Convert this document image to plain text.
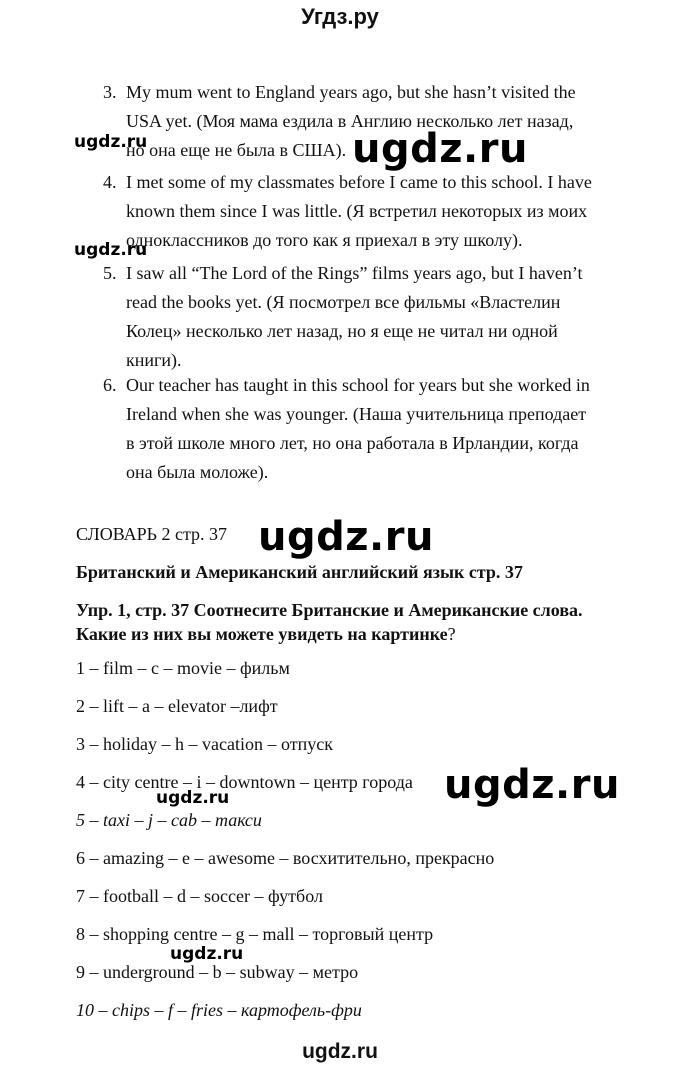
Угдз.ру
3. My mum went to England years ago, but she hasn’t visited the
USA yet. (Моя мама ездила в Англию несколько лет назад,
но она еще не была в США).
ugdz.ru	ugdz.ru
4. I met some of my classmates before I came to this school. I have
known them since I was little. (Я встретил некоторых из моих
одноклассников до того как я приехал в эту школу).
ugdz.ru
5. I saw all “The Lord of the Rings” films years ago, but I haven’t
read the books yet. (Я посмотрел все фильмы «Властелин
Колец» несколько лет назад, но я еще не читал ни одной
книги).
6. Our teacher has taught in this school for years but she worked in
Ireland when she was younger. (Наша учительница преподает
в этой школе много лет, но она работала в Ирландии, когда
она была моложе).
СЛОВАРЬ 2 стр. 37 ugdz.ru
Британский и Американский английский язык стр. 37
Упр. 1, стр. 37 Соотнесите Британские и Американские слова.
Какие из них вы можете увидеть на картинке?
1 – film – c – movie – фильм
2 – lift – a – elevator –лифт
3 – holiday – h – vacation – отпуск
4 – city centre – i – downtown – центр города ugdz.ru
ugdz.ru
5 – taxi – j – cab – такси
6 – amazing – e – awesome – восхитительно, прекрасно
7 – football – d – soccer – футбол
8 – shopping centre – g – mall – торговый центр
ugdz.ru
9 – underground – b – subway – метро
10 – chips – f – fries – картофель-фри
ugdz.ru
